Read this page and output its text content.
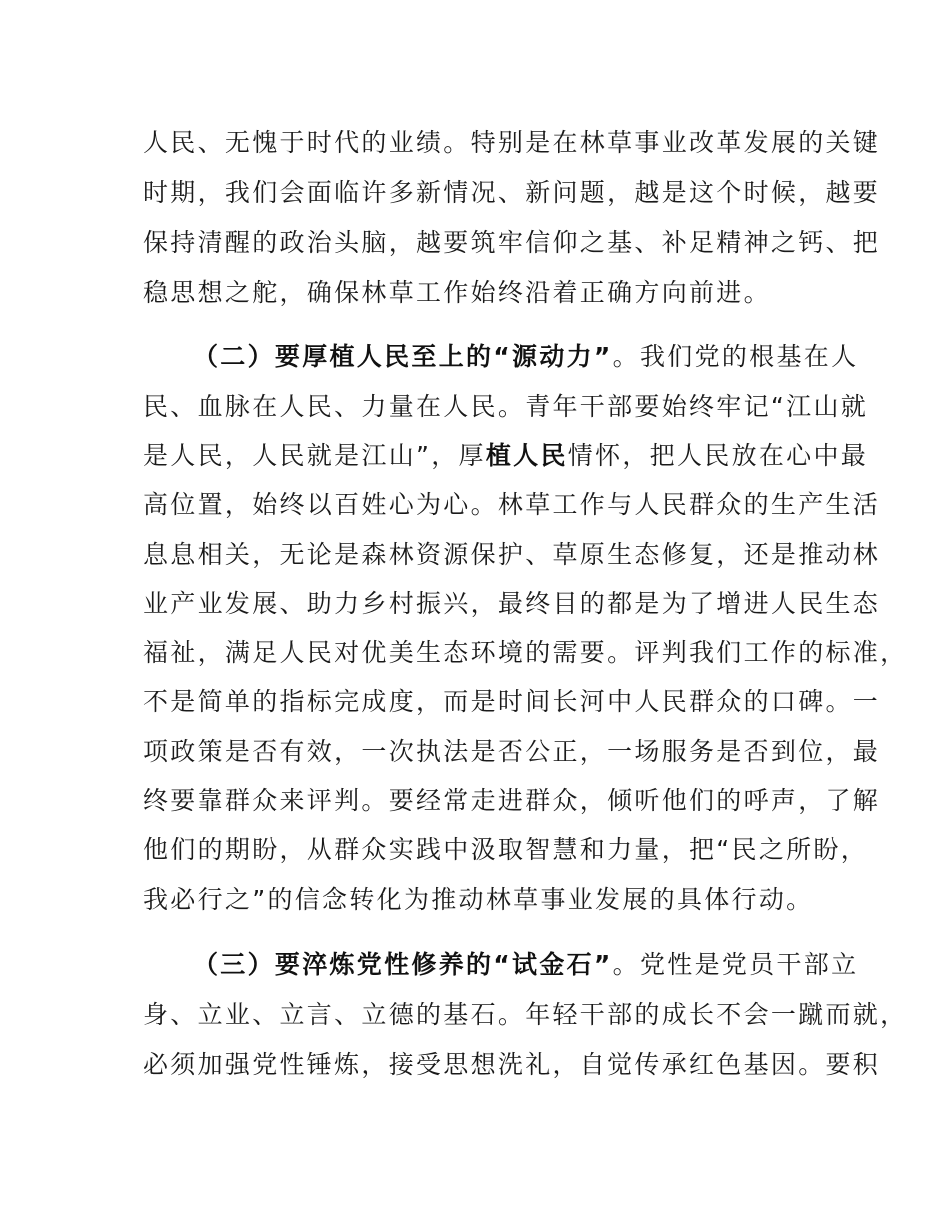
人民、无愧于时代的业绩。特别是在林草事业改革发展的关键
时期，我们会面临许多新情况、新问题，越是这个时候，越要
保持清醒的政治头脑，越要筑牢信仰之基、补足精神之钙、把
稳思想之舵，确保林草工作始终沿着正确方向前进。
（二）要厚植人民至上的“源动力”。我们党的根基在人
民、血脉在人民、力量在人民。青年干部要始终牢记“江山就
是人民，人民就是江山”，厚植人民情怀，把人民放在心中最
高位置，始终以百姓心为心。林草工作与人民群众的生产生活
息息相关，无论是森林资源保护、草原生态修复，还是推动林
业产业发展、助力乡村振兴，最终目的都是为了增进人民生态
福祉，满足人民对优美生态环境的需要。评判我们工作的标准，
不是简单的指标完成度，而是时间长河中人民群众的口碑。一
项政策是否有效，一次执法是否公正，一场服务是否到位，最
终要靠群众来评判。要经常走进群众，倾听他们的呼声，了解
他们的期盼，从群众实践中汲取智慧和力量，把“民之所盼，
我必行之”的信念转化为推动林草事业发展的具体行动。
（三）要淬炼党性修养的“试金石”。党性是党员干部立
身、立业、立言、立德的基石。年轻干部的成长不会一蹴而就，
必须加强党性锤炼，接受思想洗礼，自觉传承红色基因。要积
